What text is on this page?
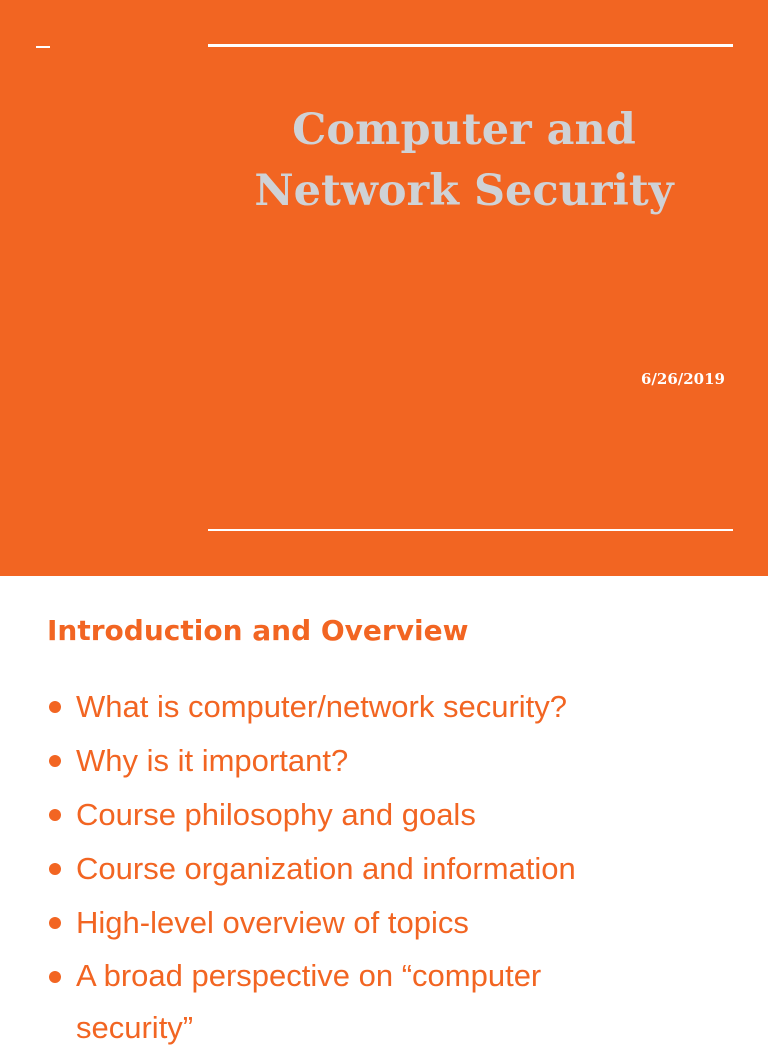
Computer and
Network Security
6/26/2019
Introduction and Overview
What is computer/network security?
Why is it important?
Course philosophy and goals
Course organization and information
High-level overview of topics
A broad perspective on “computer security”
